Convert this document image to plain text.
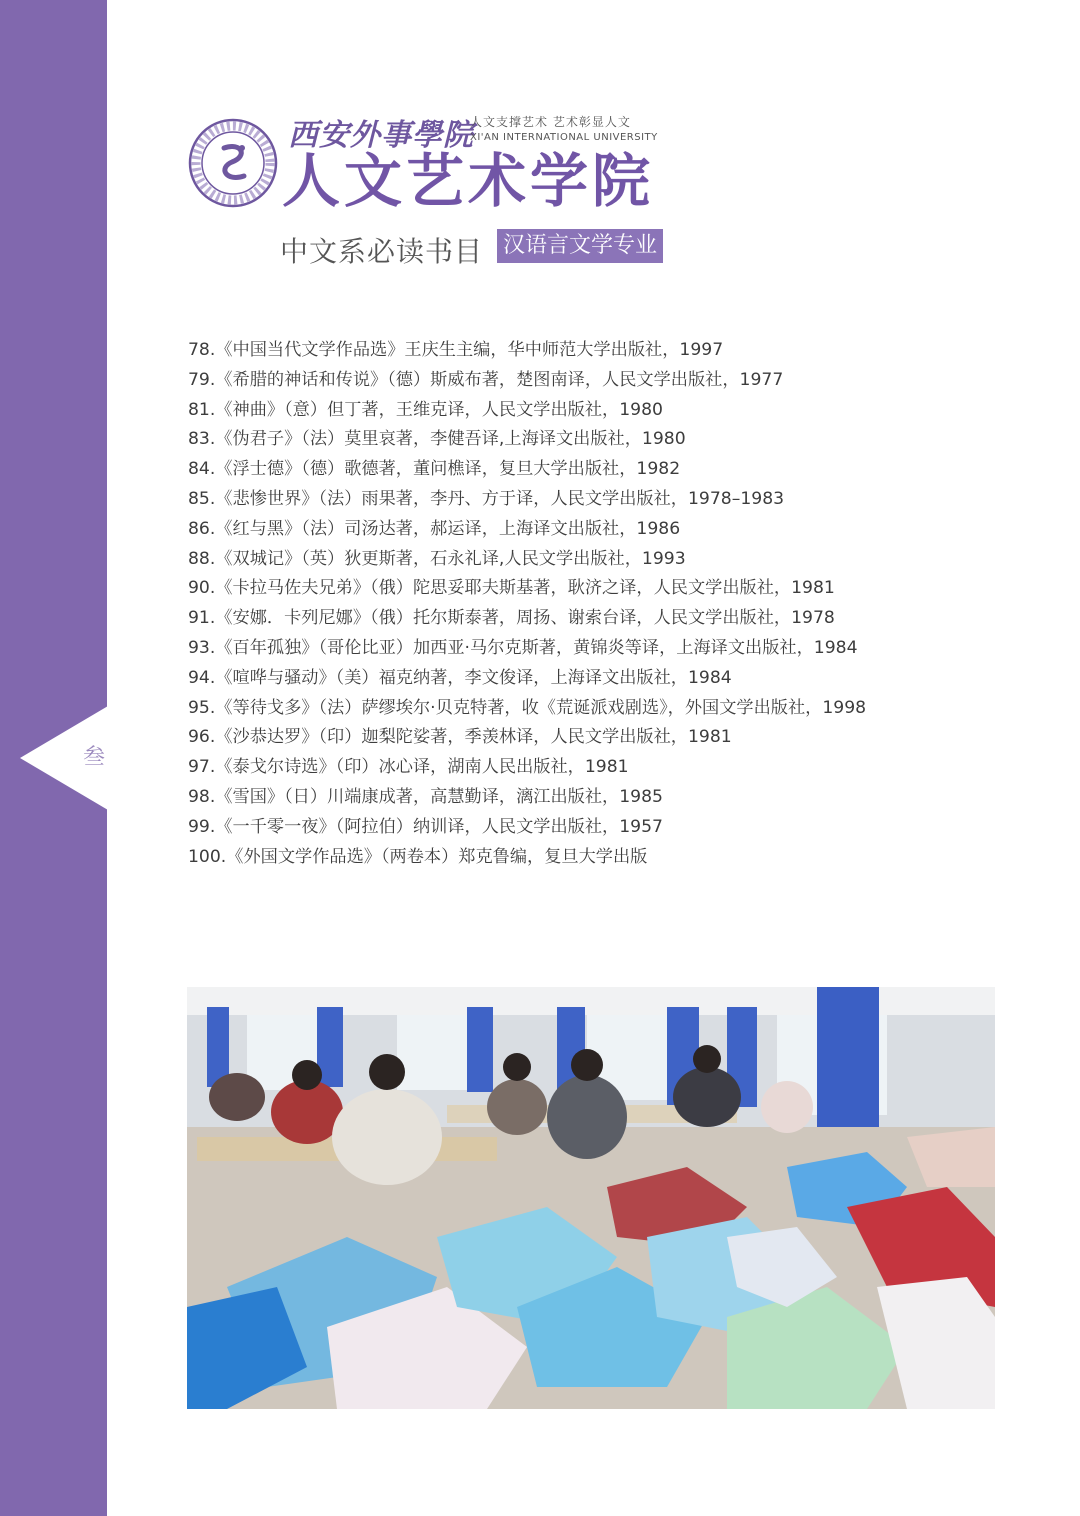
叁
西安外事學院
人文支撑艺术 艺术彰显人文
XI'AN INTERNATIONAL UNIVERSITY
人文艺术学院
中文系必读书目 汉语言文学专业
78.《中国当代文学作品选》王庆生主编，华中师范大学出版社，1997
79.《希腊的神话和传说》（德）斯威布著，楚图南译，人民文学出版社，1977
81.《神曲》（意）但丁著，王维克译，人民文学出版社，1980
83.《伪君子》（法）莫里哀著，李健吾译,上海译文出版社，1980
84.《浮士德》（德）歌德著，董问樵译，复旦大学出版社，1982
85.《悲惨世界》（法）雨果著，李丹、方于译，人民文学出版社，1978–1983
86.《红与黑》（法）司汤达著，郝运译，上海译文出版社，1986
88.《双城记》（英）狄更斯著，石永礼译,人民文学出版社，1993
90.《卡拉马佐夫兄弟》（俄）陀思妥耶夫斯基著，耿济之译，人民文学出版社，1981
91.《安娜．卡列尼娜》（俄）托尔斯泰著，周扬、谢索台译，人民文学出版社，1978
93.《百年孤独》（哥伦比亚）加西亚·马尔克斯著，黄锦炎等译，上海译文出版社，1984
94.《喧哗与骚动》（美）福克纳著，李文俊译，上海译文出版社，1984
95.《等待戈多》（法）萨缪埃尔·贝克特著，收《荒诞派戏剧选》，外国文学出版社，1998
96.《沙恭达罗》（印）迦梨陀娑著，季羡林译，人民文学出版社，1981
97.《泰戈尔诗选》（印）冰心译，湖南人民出版社，1981
98.《雪国》（日）川端康成著，高慧勤译，漓江出版社，1985
99.《一千零一夜》（阿拉伯）纳训译，人民文学出版社，1957
100.《外国文学作品选》（两卷本）郑克鲁编，复旦大学出版
